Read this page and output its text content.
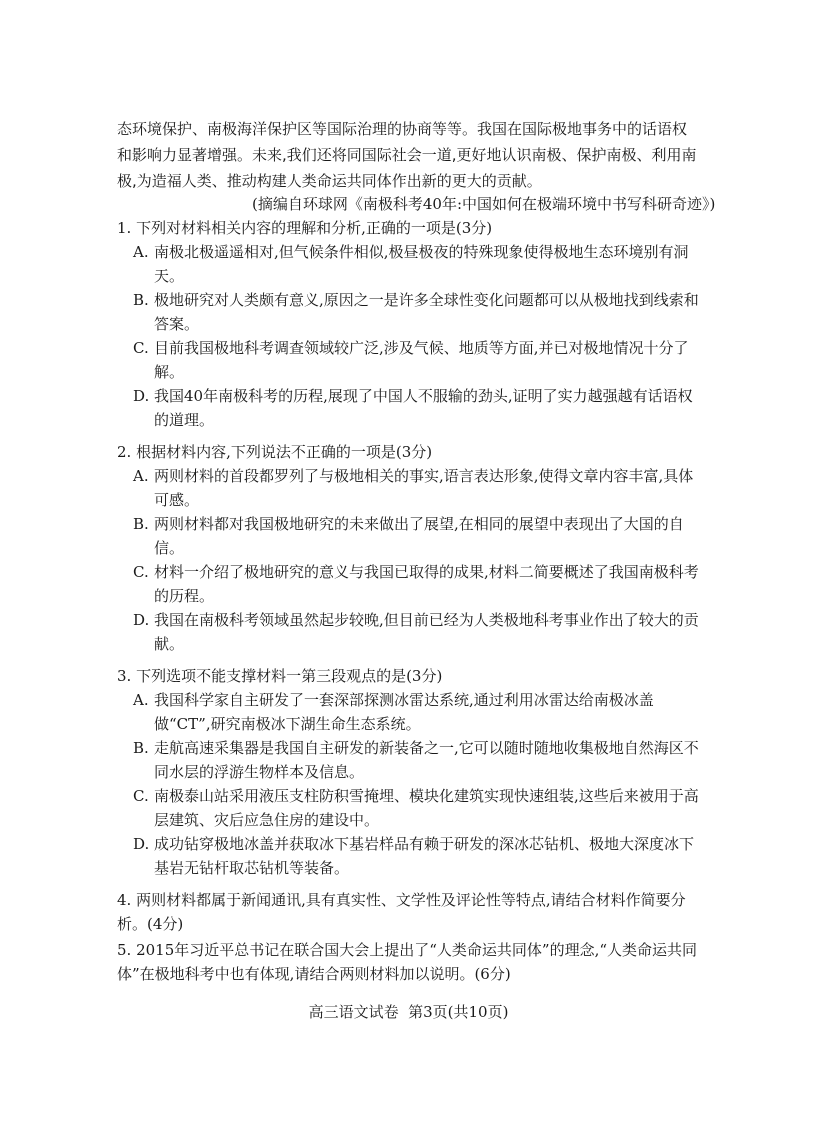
态环境保护、南极海洋保护区等国际治理的协商等等。我国在国际极地事务中的话语权

和影响力显著增强。未来,我们还将同国际社会一道,更好地认识南极、保护南极、利用南

极,为造福人类、推动构建人类命运共同体作出新的更大的贡献。

(摘编自环球网《南极科考40年:中国如何在极端环境中书写科研奇迹》)

1. 下列对材料相关内容的理解和分析,正确的一项是(3分)

A. 南极北极遥遥相对,但气候条件相似,极昼极夜的特殊现象使得极地生态环境别有洞天。

B. 极地研究对人类颇有意义,原因之一是许多全球性变化问题都可以从极地找到线索和答案。

C. 目前我国极地科考调查领域较广泛,涉及气候、地质等方面,并已对极地情况十分了解。

D. 我国40年南极科考的历程,展现了中国人不服输的劲头,证明了实力越强越有话语权的道理。

2. 根据材料内容,下列说法不正确的一项是(3分)

A. 两则材料的首段都罗列了与极地相关的事实,语言表达形象,使得文章内容丰富,具体可感。

B. 两则材料都对我国极地研究的未来做出了展望,在相同的展望中表现出了大国的自信。

C. 材料一介绍了极地研究的意义与我国已取得的成果,材料二简要概述了我国南极科考的历程。

D. 我国在南极科考领域虽然起步较晚,但目前已经为人类极地科考事业作出了较大的贡献。

3. 下列选项不能支撑材料一第三段观点的是(3分)

A. 我国科学家自主研发了一套深部探测冰雷达系统,通过利用冰雷达给南极冰盖做“CT”,研究南极冰下湖生命生态系统。

B. 走航高速采集器是我国自主研发的新装备之一,它可以随时随地收集极地自然海区不同水层的浮游生物样本及信息。

C. 南极泰山站采用液压支柱防积雪掩埋、模块化建筑实现快速组装,这些后来被用于高层建筑、灾后应急住房的建设中。

D. 成功钻穿极地冰盖并获取冰下基岩样品有赖于研发的深冰芯钻机、极地大深度冰下基岩无钻杆取芯钻机等装备。

4. 两则材料都属于新闻通讯,具有真实性、文学性及评论性等特点,请结合材料作简要分析。(4分)

5. 2015年习近平总书记在联合国大会上提出了“人类命运共同体”的理念,“人类命运共同体”在极地科考中也有体现,请结合两则材料加以说明。(6分)

高三语文试卷  第3页(共10页)
